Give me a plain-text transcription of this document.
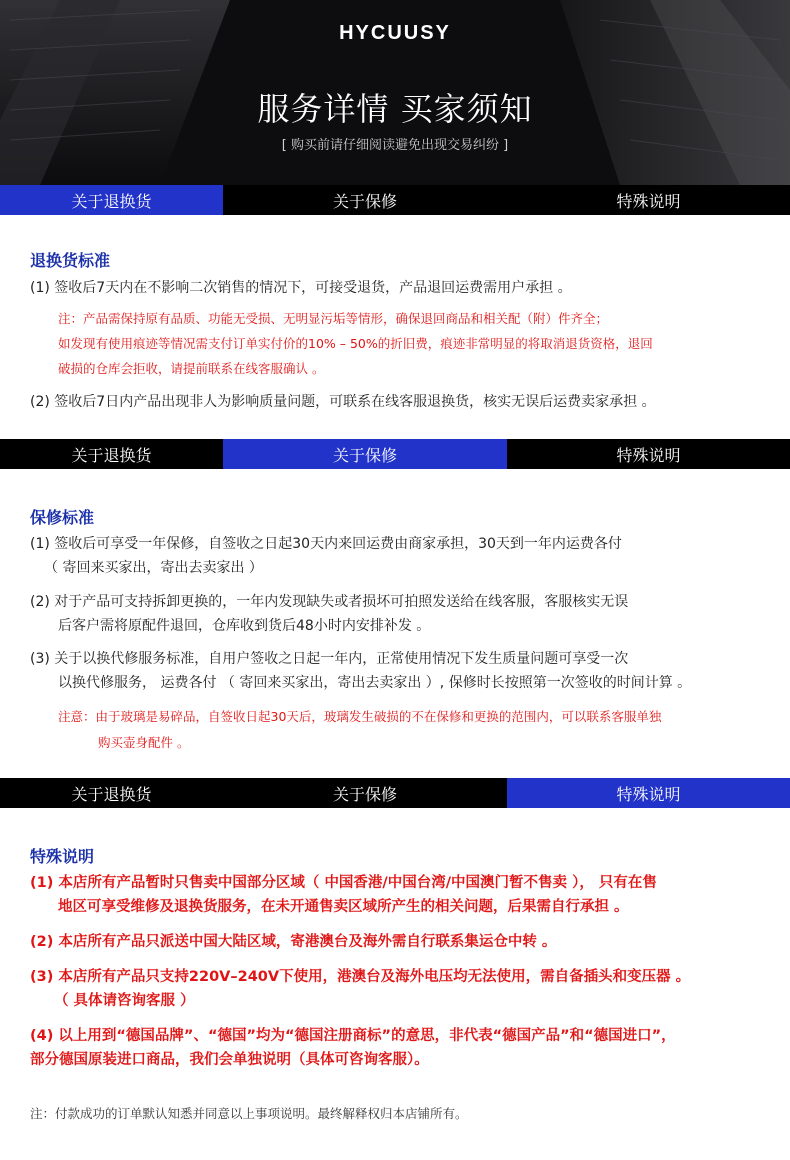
HYCUUSY
服务详情 买家须知
[ 购买前请仔细阅读避免出现交易纠纷 ]
关于退换货	关于保修	特殊说明
退换货标准
(1) 签收后7天内在不影响二次销售的情况下，可接受退货，产品退回运费需用户承担 。
注：产品需保持原有品质、功能无受损、无明显污垢等情形，确保退回商品和相关配（附）件齐全；
如发现有使用痕迹等情况需支付订单实付价的10% – 50%的折旧费，痕迹非常明显的将取消退货资格，退回
破损的仓库会拒收，请提前联系在线客服确认 。
(2) 签收后7日内产品出现非人为影响质量问题，可联系在线客服退换货，核实无误后运费卖家承担 。
关于退换货	关于保修	特殊说明
保修标准
(1) 签收后可享受一年保修，自签收之日起30天内来回运费由商家承担，30天到一年内运费各付
（ 寄回来买家出，寄出去卖家出 ）
(2) 对于产品可支持拆卸更换的，一年内发现缺失或者损坏可拍照发送给在线客服，客服核实无误
后客户需将原配件退回，仓库收到货后48小时内安排补发 。
(3) 关于以换代修服务标准，自用户签收之日起一年内，正常使用情况下发生质量问题可享受一次
以换代修服务， 运费各付 （ 寄回来买家出，寄出去卖家出 ）, 保修时长按照第一次签收的时间计算 。
注意：由于玻璃是易碎品，自签收日起30天后，玻璃发生破损的不在保修和更换的范围内，可以联系客服单独
购买壶身配件 。
关于退换货	关于保修	特殊说明
特殊说明
(1) 本店所有产品暂时只售卖中国部分区域（ 中国香港/中国台湾/中国澳门暂不售卖 ）， 只有在售
地区可享受维修及退换货服务，在未开通售卖区域所产生的相关问题，后果需自行承担 。
(2) 本店所有产品只派送中国大陆区域，寄港澳台及海外需自行联系集运仓中转 。
(3) 本店所有产品只支持220V–240V下使用，港澳台及海外电压均无法使用，需自备插头和变压器 。
（ 具体请咨询客服 ）
(4) 以上用到“德国品牌”、“德国”均为“德国注册商标”的意思，非代表“德国产品”和“德国进口”，
部分德国原装进口商品，我们会单独说明（具体可咨询客服）。
注：付款成功的订单默认知悉并同意以上事项说明。最终解释权归本店铺所有。
